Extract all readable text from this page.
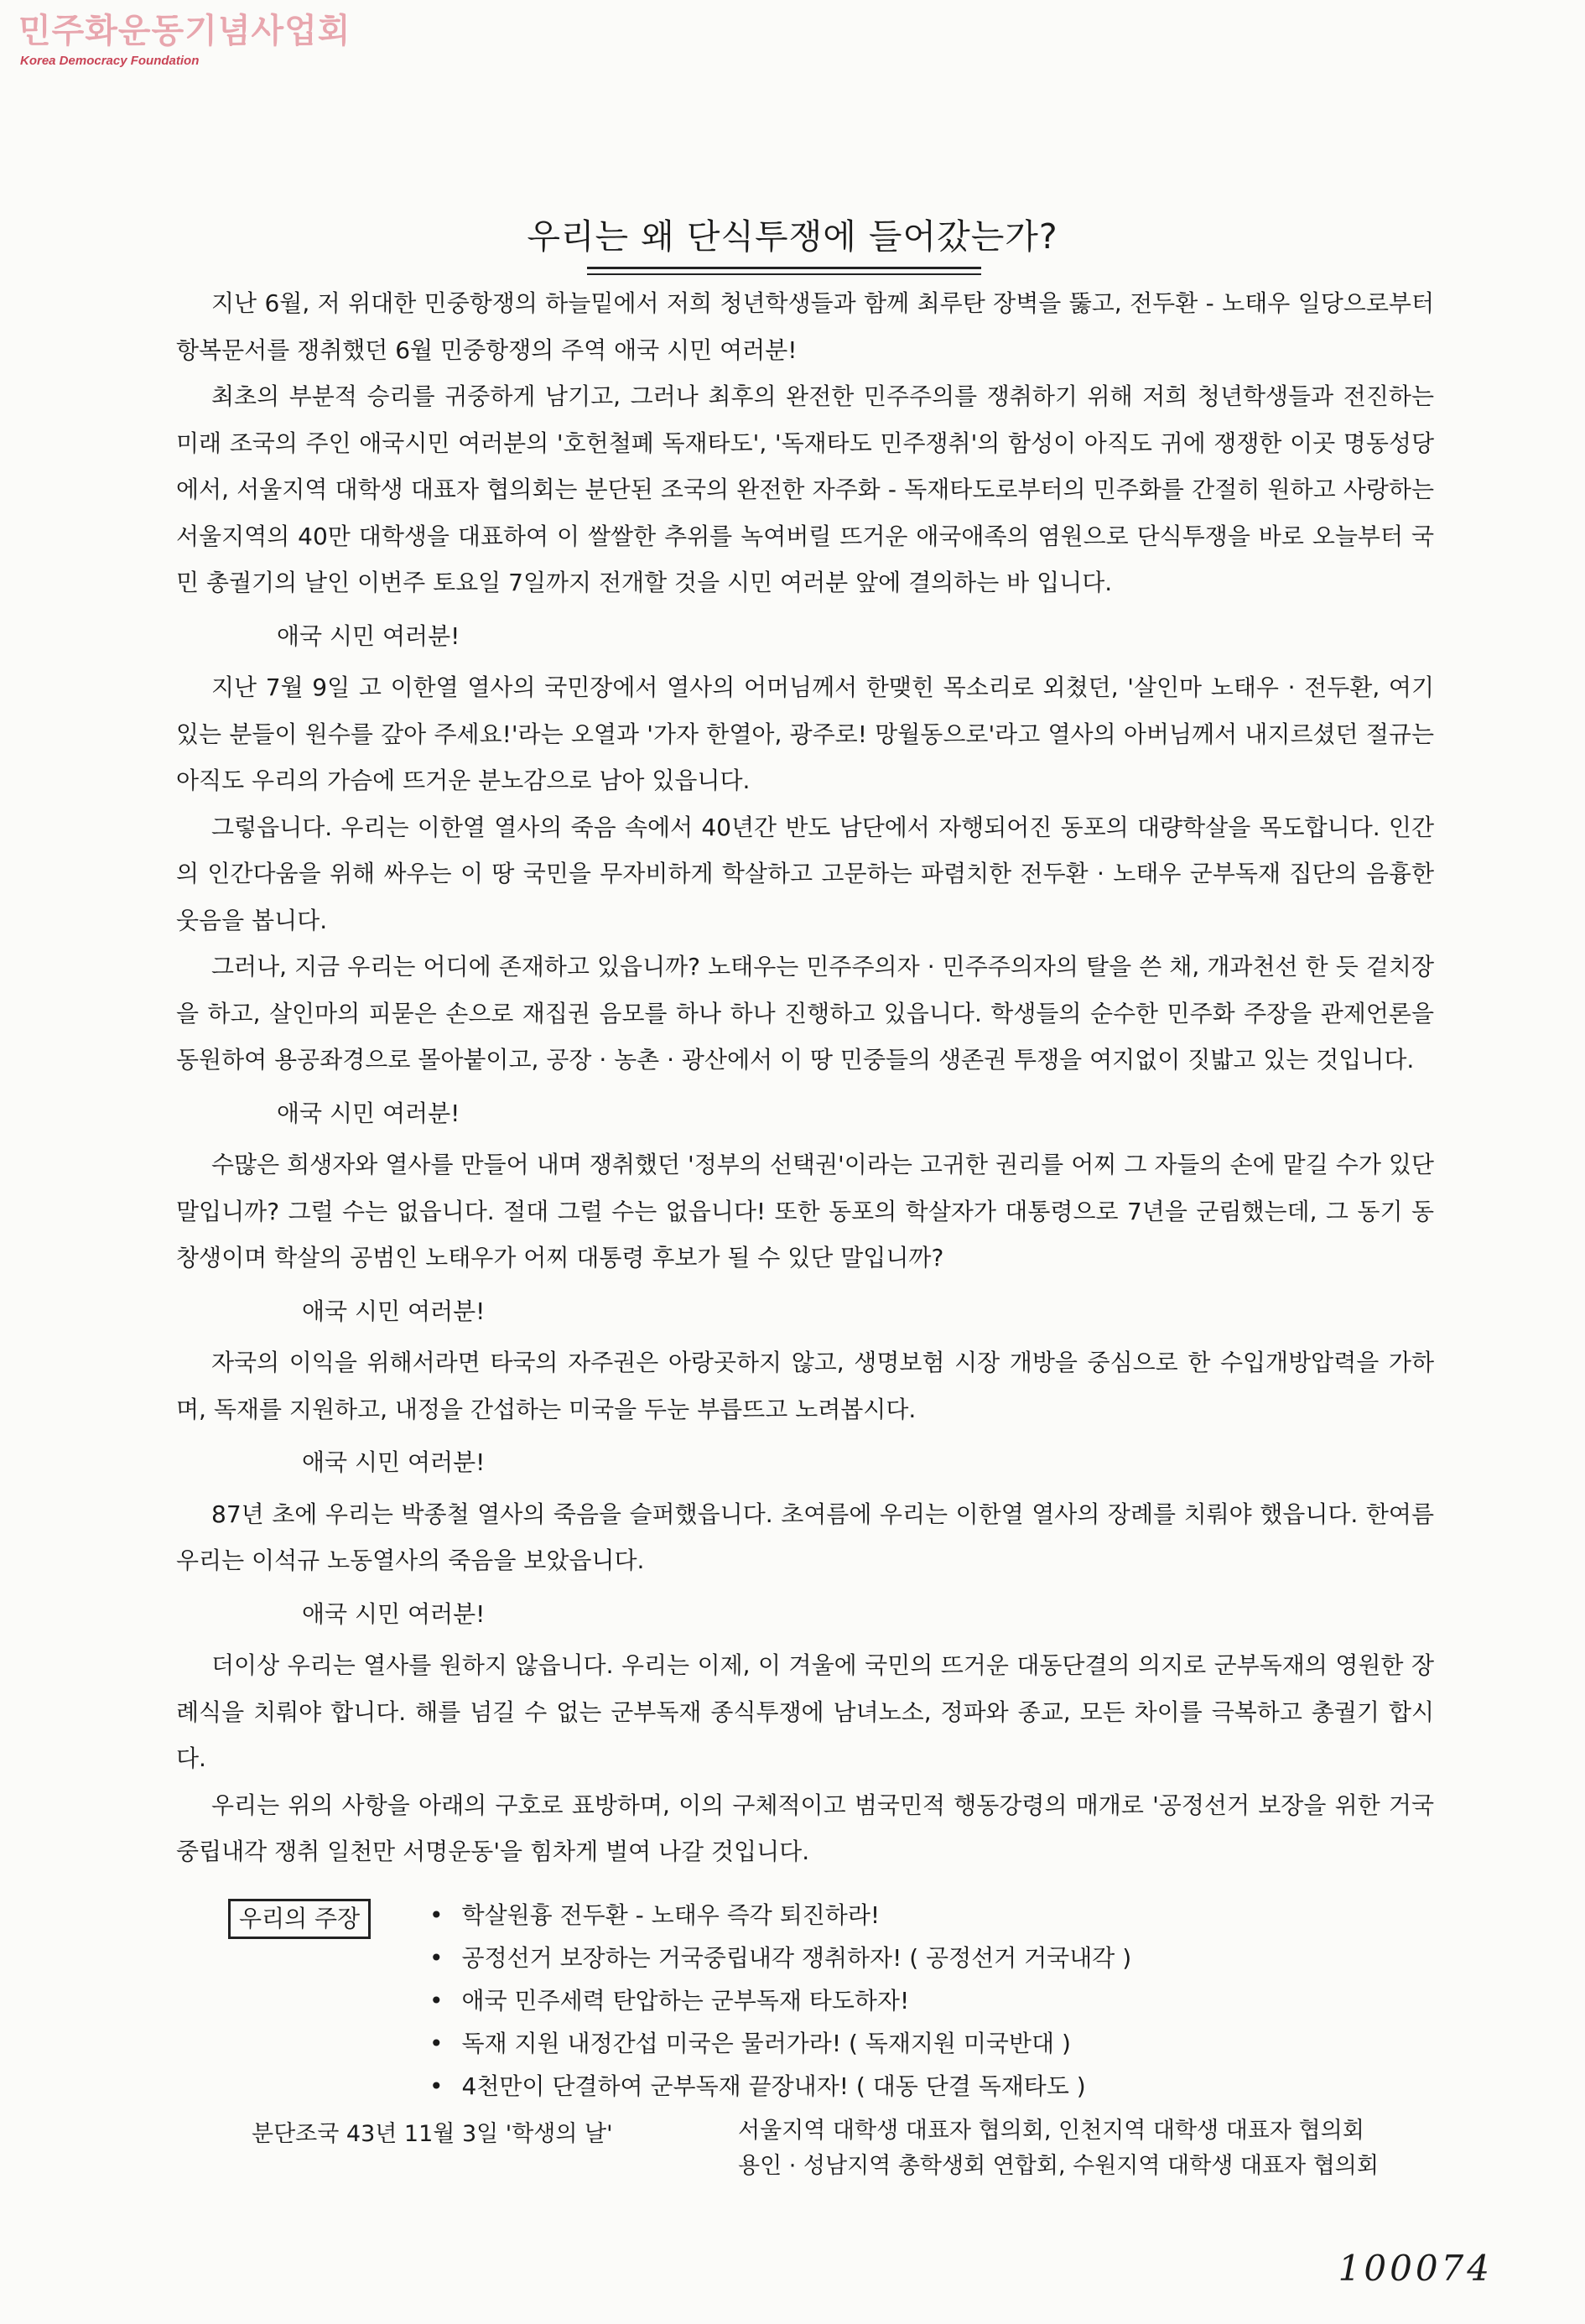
민주화운동기념사업회
Korea Democracy Foundation
우리는 왜 단식투쟁에 들어갔는가?

지난 6월, 저 위대한 민중항쟁의 하늘밑에서 저희 청년학생들과 함께 최루탄 장벽을 뚫고, 전두환 - 노태우 일당으로부터 항복문서를 쟁취했던 6월 민중항쟁의 주역 애국 시민 여러분!

최초의 부분적 승리를 귀중하게 남기고, 그러나 최후의 완전한 민주주의를 쟁취하기 위해 저희 청년학생들과 전진하는 미래 조국의 주인 애국시민 여러분의 '호헌철폐 독재타도', '독재타도 민주쟁취'의 함성이 아직도 귀에 쟁쟁한 이곳 명동성당에서, 서울지역 대학생 대표자 협의회는 분단된 조국의 완전한 자주화 - 독재타도로부터의 민주화를 간절히 원하고 사랑하는 서울지역의 40만 대학생을 대표하여 이 쌀쌀한 추위를 녹여버릴 뜨거운 애국애족의 염원으로 단식투쟁을 바로 오늘부터 국민 총궐기의 날인 이번주 토요일 7일까지 전개할 것을 시민 여러분 앞에 결의하는 바 입니다.

애국 시민 여러분!

지난 7월 9일 고 이한열 열사의 국민장에서 열사의 어머님께서 한맺힌 목소리로 외쳤던, '살인마 노태우 · 전두환, 여기 있는 분들이 원수를 갚아 주세요!'라는 오열과 '가자 한열아, 광주로! 망월동으로'라고 열사의 아버님께서 내지르셨던 절규는 아직도 우리의 가슴에 뜨거운 분노감으로 남아 있읍니다.

그렇읍니다. 우리는 이한열 열사의 죽음 속에서 40년간 반도 남단에서 자행되어진 동포의 대량학살을 목도합니다. 인간의 인간다움을 위해 싸우는 이 땅 국민을 무자비하게 학살하고 고문하는 파렴치한 전두환 · 노태우 군부독재 집단의 음흉한 웃음을 봅니다.

그러나, 지금 우리는 어디에 존재하고 있읍니까? 노태우는 민주주의자 · 민주주의자의 탈을 쓴 채, 개과천선 한 듯 겉치장을 하고, 살인마의 피묻은 손으로 재집권 음모를 하나 하나 진행하고 있읍니다. 학생들의 순수한 민주화 주장을 관제언론을 동원하여 용공좌경으로 몰아붙이고, 공장 · 농촌 · 광산에서 이 땅 민중들의 생존권 투쟁을 여지없이 짓밟고 있는 것입니다.

애국 시민 여러분!

수많은 희생자와 열사를 만들어 내며 쟁취했던 '정부의 선택권'이라는 고귀한 권리를 어찌 그 자들의 손에 맡길 수가 있단 말입니까? 그럴 수는 없읍니다. 절대 그럴 수는 없읍니다! 또한 동포의 학살자가 대통령으로 7년을 군림했는데, 그 동기 동창생이며 학살의 공범인 노태우가 어찌 대통령 후보가 될 수 있단 말입니까?

애국 시민 여러분!

자국의 이익을 위해서라면 타국의 자주권은 아랑곳하지 않고, 생명보험 시장 개방을 중심으로 한 수입개방압력을 가하며, 독재를 지원하고, 내정을 간섭하는 미국을 두눈 부릅뜨고 노려봅시다.

애국 시민 여러분!

87년 초에 우리는 박종철 열사의 죽음을 슬퍼했읍니다. 초여름에 우리는 이한열 열사의 장례를 치뤄야 했읍니다. 한여름 우리는 이석규 노동열사의 죽음을 보았읍니다.

애국 시민 여러분!

더이상 우리는 열사를 원하지 않읍니다. 우리는 이제, 이 겨울에 국민의 뜨거운 대동단결의 의지로 군부독재의 영원한 장례식을 치뤄야 합니다. 해를 넘길 수 없는 군부독재 종식투쟁에 남녀노소, 정파와 종교, 모든 차이를 극복하고 총궐기 합시다.

우리는 위의 사항을 아래의 구호로 표방하며, 이의 구체적이고 범국민적 행동강령의 매개로 '공정선거 보장을 위한 거국중립내각 쟁취 일천만 서명운동'을 힘차게 벌여 나갈 것입니다.

우리의 주장
•	학살원흉 전두환 - 노태우 즉각 퇴진하라!
• 공정선거 보장하는 거국중립내각 쟁취하자! ( 공정선거 거국내각 )
• 애국 민주세력 탄압하는 군부독재 타도하자!
• 독재 지원 내정간섭 미국은 물러가라! ( 독재지원 미국반대 )
• 4천만이 단결하여 군부독재 끝장내자! ( 대동 단결 독재타도 )
분단조국 43년 11월 3일 '학생의 날'	서울지역 대학생 대표자 협의회, 인천지역 대학생 대표자 협의회
용인 · 성남지역 총학생회 연합회, 수원지역 대학생 대표자 협의회
100074
